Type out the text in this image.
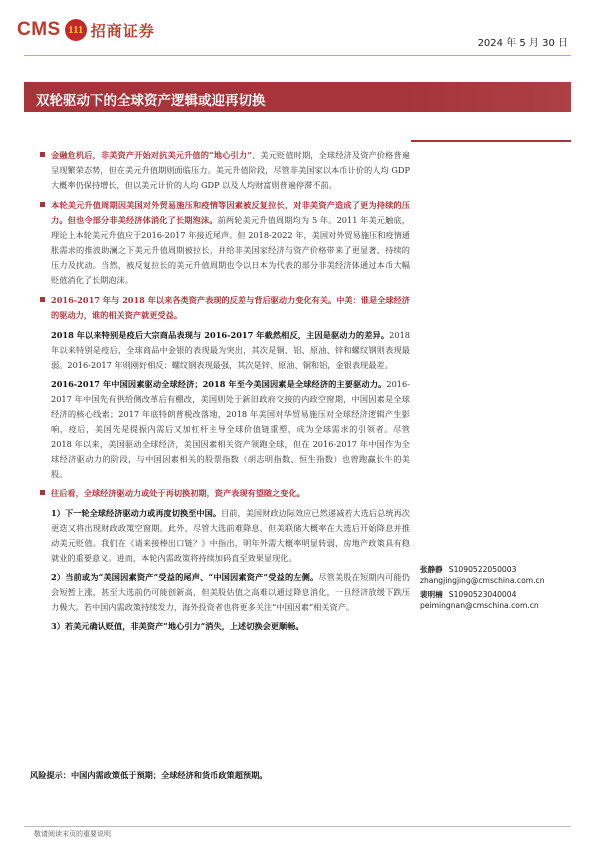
CMS 111 招商证券
2024 年 5 月 30 日
双轮驱动下的全球资产逻辑或迎再切换
金融危机后，非美资产开始对抗美元升值的“地心引力”、美元贬值时期，全球经济及资产价格普遍呈现繁荣态势，但在美元升值期则面临压力。美元升值阶段，尽管非美国家以本币计价的人均 GDP 大概率仍保持增长，但以美元计价的人均 GDP 以及人均财富则普遍停滞不前。
本轮美元升值周期因美国对外贸易施压和疫情等因素被反复拉长，对非美资产造成了更为持续的压力。但也令部分非美经济体消化了长期泡沫。前两轮美元升值周期均为 5 年。2011 年美元触底，理论上本轮美元升值应于2016-2017 年接近尾声。但 2018-2022 年，美国对外贸易施压和疫情通胀需求的推波助澜之下美元升值周期被拉长，并给非美国家经济与资产价格带来了更显著、持续的压力及扰动。当然，被反复拉长的美元升值周期也令以日本为代表的部分非美经济体通过本币大幅贬值消化了长期泡沫。
2016-2017 年与 2018 年以来各类资产表现的反差与背后驱动力变化有关。中美：谁是全球经济的驱动力，谁的相关资产就更受益。
2018 年以来特别是疫后大宗商品表现与 2016-2017 年截然相反，主因是驱动力的差异。2018 年以来特别是疫后，全球商品中金银的表现最为突出，其次是铜、铝、原油、锌和螺纹钢则表现最弱。2016-2017 年则刚好相反：螺纹钢表现最强，其次是锌、原油、铜和铝，金银表现最差。
2016-2017 年中国因素驱动全球经济；2018 年至今美国因素是全球经济的主要驱动力。2016-2017 年中国先有供给侧改革后有棚改，美国则处于新旧政府交接的内政空窗期，中国因素是全球经济的核心线索；2017 年底特朗普税改落地，2018 年美国对华贸易施压对全球经济逻辑产生影响，疫后，美国先是提振内需后又加杠杆主导全球价值链重塑，成为全球需求的引领者。尽管 2018 年以来，美国驱动全球经济，美国因素相关资产领跑全球，但在 2016-2017 年中国作为全球经济驱动力的阶段，与中国因素相关的股票指数（胡志明指数、恒生指数）也曾跑赢长牛的美股。
往后看，全球经济驱动力或处于再切换初期，资产表现有望随之变化。
1）下一轮全球经济驱动力或再度切换至中国。目前，美国财政边际效应已然递减若大选后总统再次更迭又将出现财政政策空窗期。此外，尽管大选前难降息，但美联储大概率在大选后开始降息并推动美元贬值。我们在《请来接棒出口链？》中指出，明年外需大概率明显转弱，房地产政策具有稳就业的重要意义。进而，本轮内需政策将持续加码直至效果显现化。
2）当前或为“美国因素资产”受益的尾声、“中国因素资产”受益的左侧。尽管美股在短期内可能仍会短暂上涨，甚至大选前仍可能创新高，但美股估值之高难以通过降息消化，一旦经济放缓下跌压力极大。若中国内需政策持续发力，海外投资者也将更多关注“中国因素”相关资产。
3）若美元确认贬值，非美资产“地心引力”消失，上述切换会更顺畅。
张静静 S1090522050003
zhangjingjing@cmschina.com.cn
裴明楠 S1090523040004
peimingnan@cmschina.com.cn
风险提示：中国内需政策低于预期；全球经济和货币政策超预期。
敬请阅读末页的重要说明
